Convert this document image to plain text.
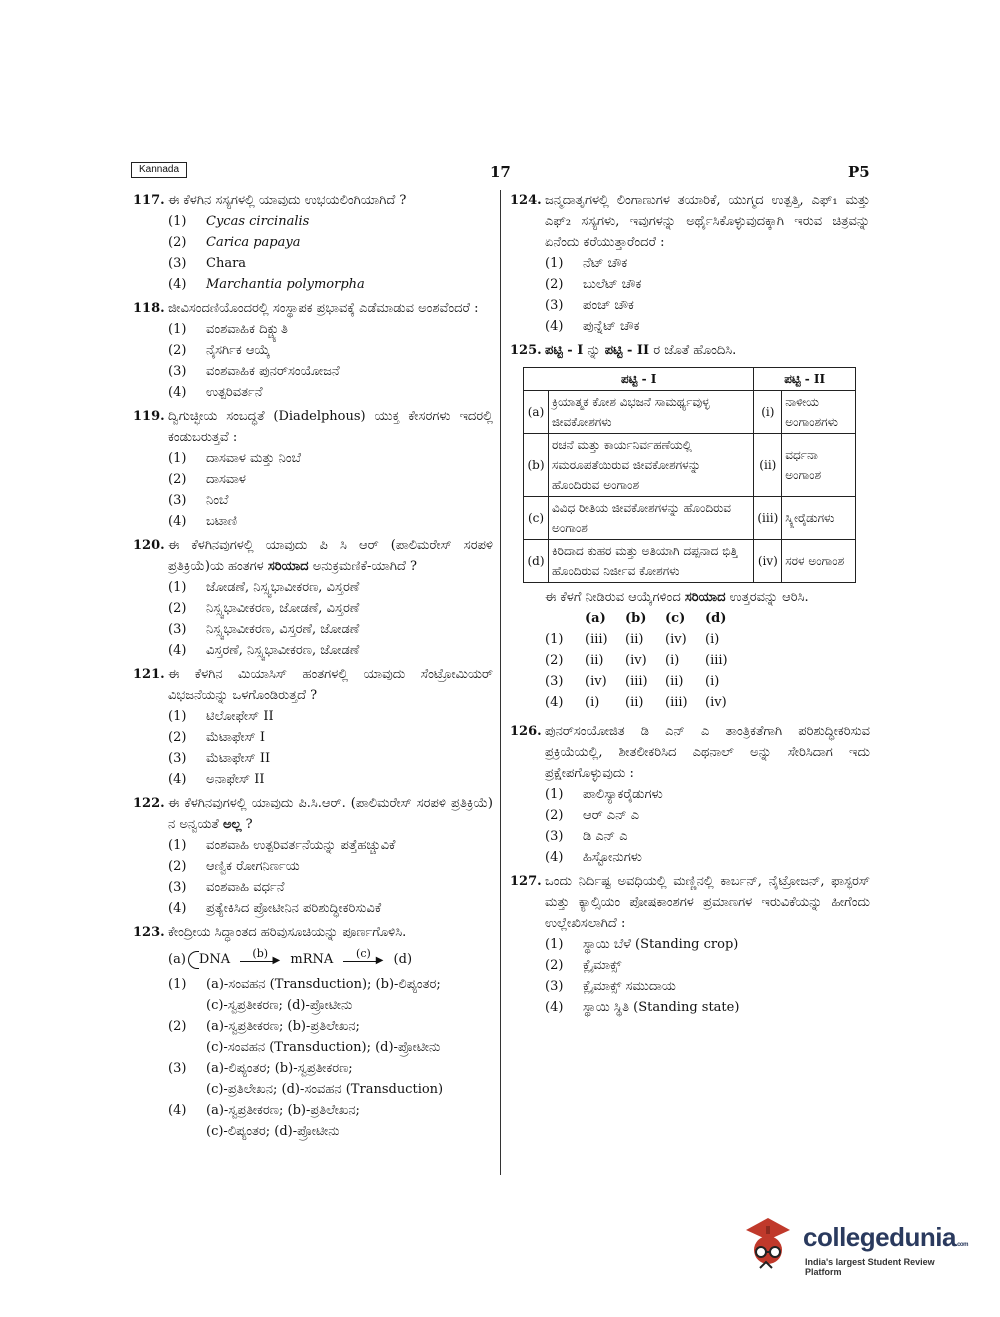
Kannada	17	P5
117. ಈ ಕೆಳಗಿನ ಸಸ್ಯಗಳಲ್ಲಿ ಯಾವುದು ಉಭಯಲಿಂಗಿಯಾಗಿದೆ ?
(1)	Cycas circinalis
(2)	Carica papaya
(3)	Chara
(4)	Marchantia polymorpha
118. ಜೀವಿಸಂದಣಿಯೊಂದರಲ್ಲಿ ಸಂಸ್ಥಾಪಕ ಪ್ರಭಾವಕ್ಕೆ ಎಡೆಮಾಡುವ ಅಂಶವೆಂದರೆ :
(1)	ವಂಶವಾಹಿಕ ದಿಕ್ಚ್ಯುತಿ
(2)	ನೈಸರ್ಗಿಕ ಆಯ್ಕೆ
(3)	ವಂಶವಾಹಿಕ ಪುನರ್‌ಸಂಯೋಜನೆ
(4)	ಉತ್ಪರಿವರ್ತನೆ
119. ದ್ವಿಗುಚ್ಛೀಯ ಸಂಬದ್ಧತೆ (Diadelphous) ಯುಕ್ತ ಕೇಸರಗಳು ಇದರಲ್ಲಿ ಕಂಡುಬರುತ್ತವೆ :
(1)	ದಾಸವಾಳ ಮತ್ತು ನಿಂಬೆ
(2)	ದಾಸವಾಳ
(3)	ನಿಂಬೆ
(4)	ಬಟಾಣಿ
120. ಈ ಕೆಳಗಿನವುಗಳಲ್ಲಿ ಯಾವುದು ಪಿ ಸಿ ಆರ್ (ಪಾಲಿಮರೇಸ್ ಸರಪಳಿ ಪ್ರತಿಕ್ರಿಯೆ)ಯ ಹಂತಗಳ ಸರಿಯಾದ ಅನುಕ್ರಮಣಿಕೆ-ಯಾಗಿದೆ ?
(1)	ಜೋಡಣೆ, ನಿಸ್ಸ್ವಭಾವೀಕರಣ, ವಿಸ್ತರಣೆ
(2)	ನಿಸ್ಸ್ವಭಾವೀಕರಣ, ಜೋಡಣೆ, ವಿಸ್ತರಣೆ
(3)	ನಿಸ್ಸ್ವಭಾವೀಕರಣ, ವಿಸ್ತರಣೆ, ಜೋಡಣೆ
(4)	ವಿಸ್ತರಣೆ, ನಿಸ್ಸ್ವಭಾವೀಕರಣ, ಜೋಡಣೆ
121. ಈ ಕೆಳಗಿನ ಮಿಯಾಸಿಸ್ ಹಂತಗಳಲ್ಲಿ ಯಾವುದು ಸೆಂಟ್ರೋಮಿಯರ್ ವಿಭಜನೆಯನ್ನು ಒಳಗೊಂಡಿರುತ್ತದೆ ?
(1)	ಟಿಲೋಫೇಸ್ II
(2)	ಮೆಟಾಫೇಸ್ I
(3)	ಮೆಟಾಫೇಸ್ II
(4)	ಅನಾಫೇಸ್ II
122. ಈ ಕೆಳಗಿನವುಗಳಲ್ಲಿ ಯಾವುದು ಪಿ.ಸಿ.ಆರ್. (ಪಾಲಿಮರೇಸ್ ಸರಪಳಿ ಪ್ರತಿಕ್ರಿಯೆ) ನ ಅನ್ವಯತೆ ಅಲ್ಲ ?
(1)	ವಂಶವಾಹಿ ಉತ್ಪರಿವರ್ತನೆಯನ್ನು ಪತ್ತೆಹಚ್ಚುವಿಕೆ
(2)	ಆಣ್ವಿಕ ರೋಗನಿರ್ಣಯ
(3)	ವಂಶವಾಹಿ ವರ್ಧನೆ
(4)	ಪ್ರತ್ಯೇಕಿಸಿದ ಪ್ರೋಟೀನಿನ ಪರಿಶುದ್ಧೀಕರಿಸುವಿಕೆ
123. ಕೇಂದ್ರೀಯ ಸಿದ್ಧಾಂತದ ಹರಿವುಸೂಚಿಯನ್ನು ಪೂರ್ಣಗೊಳಿಸಿ.
(a) DNA	(b)
▶ mRNA	(c)
▶ (d)
(1)	(a)-ಸಂವಹನ (Transduction); (b)-ಲಿಪ್ಯಂತರ;
(c)-ಸ್ವಪ್ರತೀಕರಣ; (d)-ಪ್ರೋಟೀನು
(2)	(a)-ಸ್ವಪ್ರತೀಕರಣ; (b)-ಪ್ರತಿಲೇಖನ;
(c)-ಸಂವಹನ (Transduction); (d)-ಪ್ರೋಟೀನು
(3)	(a)-ಲಿಪ್ಯಂತರ; (b)-ಸ್ವಪ್ರತೀಕರಣ;
(c)-ಪ್ರತಿಲೇಖನ; (d)-ಸಂವಹನ (Transduction)
(4)	(a)-ಸ್ವಪ್ರತೀಕರಣ; (b)-ಪ್ರತಿಲೇಖನ;
(c)-ಲಿಪ್ಯಂತರ; (d)-ಪ್ರೋಟೀನು
124. ಜನ್ಮದಾತೃಗಳಲ್ಲಿ ಲಿಂಗಾಣುಗಳ ತಯಾರಿಕೆ, ಯುಗ್ಮದ ಉತ್ಪತ್ತಿ, ಎಫ್₁ ಮತ್ತು ಎಫ್₂ ಸಸ್ಯಗಳು, ಇವುಗಳನ್ನು ಅರ್ಥೈಸಿಕೊಳ್ಳುವುದಕ್ಕಾಗಿ ಇರುವ ಚಿತ್ರವನ್ನು ಏನೆಂದು ಕರೆಯುತ್ತಾರೆಂದರೆ :
(1)	ನೆಟ್ ಚೌಕ
(2)	ಬುಲೆಟ್ ಚೌಕ
(3)	ಪಂಚ್ ಚೌಕ
(4)	ಪುನ್ನೆಟ್ ಚೌಕ
125. ಪಟ್ಟಿ - I ನ್ನು ಪಟ್ಟಿ - II ರ ಜೊತೆ ಹೊಂದಿಸಿ.
ಪಟ್ಟಿ - I		ಪಟ್ಟಿ - II	
(a)	ಕ್ರಿಯಾತ್ಮಕ ಕೋಶ ವಿಭಜನೆ ಸಾಮರ್ಥ್ಯವುಳ್ಳ ಜೀವಕೋಶಗಳು	(i)	ನಾಳೀಯ ಅಂಗಾಂಶಗಳು
(b)	ರಚನೆ ಮತ್ತು ಕಾರ್ಯನಿರ್ವಹಣೆಯಲ್ಲಿ ಸಮರೂಪತೆಯಿರುವ ಜೀವಕೋಶಗಳನ್ನು ಹೊಂದಿರುವ ಅಂಗಾಂಶ	(ii)	ವರ್ಧನಾ ಅಂಗಾಂಶ
(c)	ವಿವಿಧ ರೀತಿಯ ಜೀವಕೋಶಗಳನ್ನು ಹೊಂದಿರುವ ಅಂಗಾಂಶ	(iii)	ಸ್ಕ್ಲೀರೈಡುಗಳು
(d)	ಕಿರಿದಾದ ಕುಹರ ಮತ್ತು ಅತಿಯಾಗಿ ದಪ್ಪನಾದ ಭಿತ್ತಿ ಹೊಂದಿರುವ ನಿರ್ಜೀವ ಕೋಶಗಳು	(iv)	ಸರಳ ಅಂಗಾಂಶ
ಈ ಕೆಳಗೆ ನೀಡಿರುವ ಆಯ್ಕೆಗಳಿಂದ ಸರಿಯಾದ ಉತ್ತರವನ್ನು ಆರಿಸಿ.
(a)	(b)	(c)	(d)
(1)	(iii)	(ii)	(iv)	(i)
(2)	(ii)	(iv)	(i)	(iii)
(3)	(iv)	(iii)	(ii)	(i)
(4)	(i)	(ii)	(iii)	(iv)
126. ಪುನರ್‌ಸಂಯೋಜಿತ ಡಿ ಎನ್ ಎ ತಾಂತ್ರಿಕತೆಗಾಗಿ ಪರಿಶುದ್ಧೀಕರಿಸುವ ಪ್ರಕ್ರಿಯೆಯಲ್ಲಿ, ಶೀತಲೀಕರಿಸಿದ ಎಥನಾಲ್ ಅನ್ನು ಸೇರಿಸಿದಾಗ ಇದು ಪ್ರಕ್ಷೇಪಗೊಳ್ಳುವುದು :
(1)	ಪಾಲಿಸ್ಯಾಕರೈಡುಗಳು
(2)	ಆರ್ ಎನ್ ಎ
(3)	ಡಿ ಎನ್ ಎ
(4)	ಹಿಸ್ಟೋನುಗಳು
127. ಒಂದು ನಿರ್ದಿಷ್ಟ ಅವಧಿಯಲ್ಲಿ ಮಣ್ಣಿನಲ್ಲಿ ಕಾರ್ಬನ್, ನೈಟ್ರೋಜನ್, ಫಾಸ್ಫರಸ್ ಮತ್ತು ಕ್ಯಾಲ್ಸಿಯಂ ಪೋಷಕಾಂಶಗಳ ಪ್ರಮಾಣಗಳ ಇರುವಿಕೆಯನ್ನು ಹೀಗೆಂದು ಉಲ್ಲೇಖಿಸಲಾಗಿದೆ :
(1)	ಸ್ಥಾಯಿ ಬೆಳೆ (Standing crop)
(2)	ಕ್ಲೈಮಾಕ್ಸ್
(3)	ಕ್ಲೈಮಾಕ್ಸ್ ಸಮುದಾಯ
(4)	ಸ್ಥಾಯಿ ಸ್ಥಿತಿ (Standing state)
collegedunia.com
India's largest Student Review Platform
